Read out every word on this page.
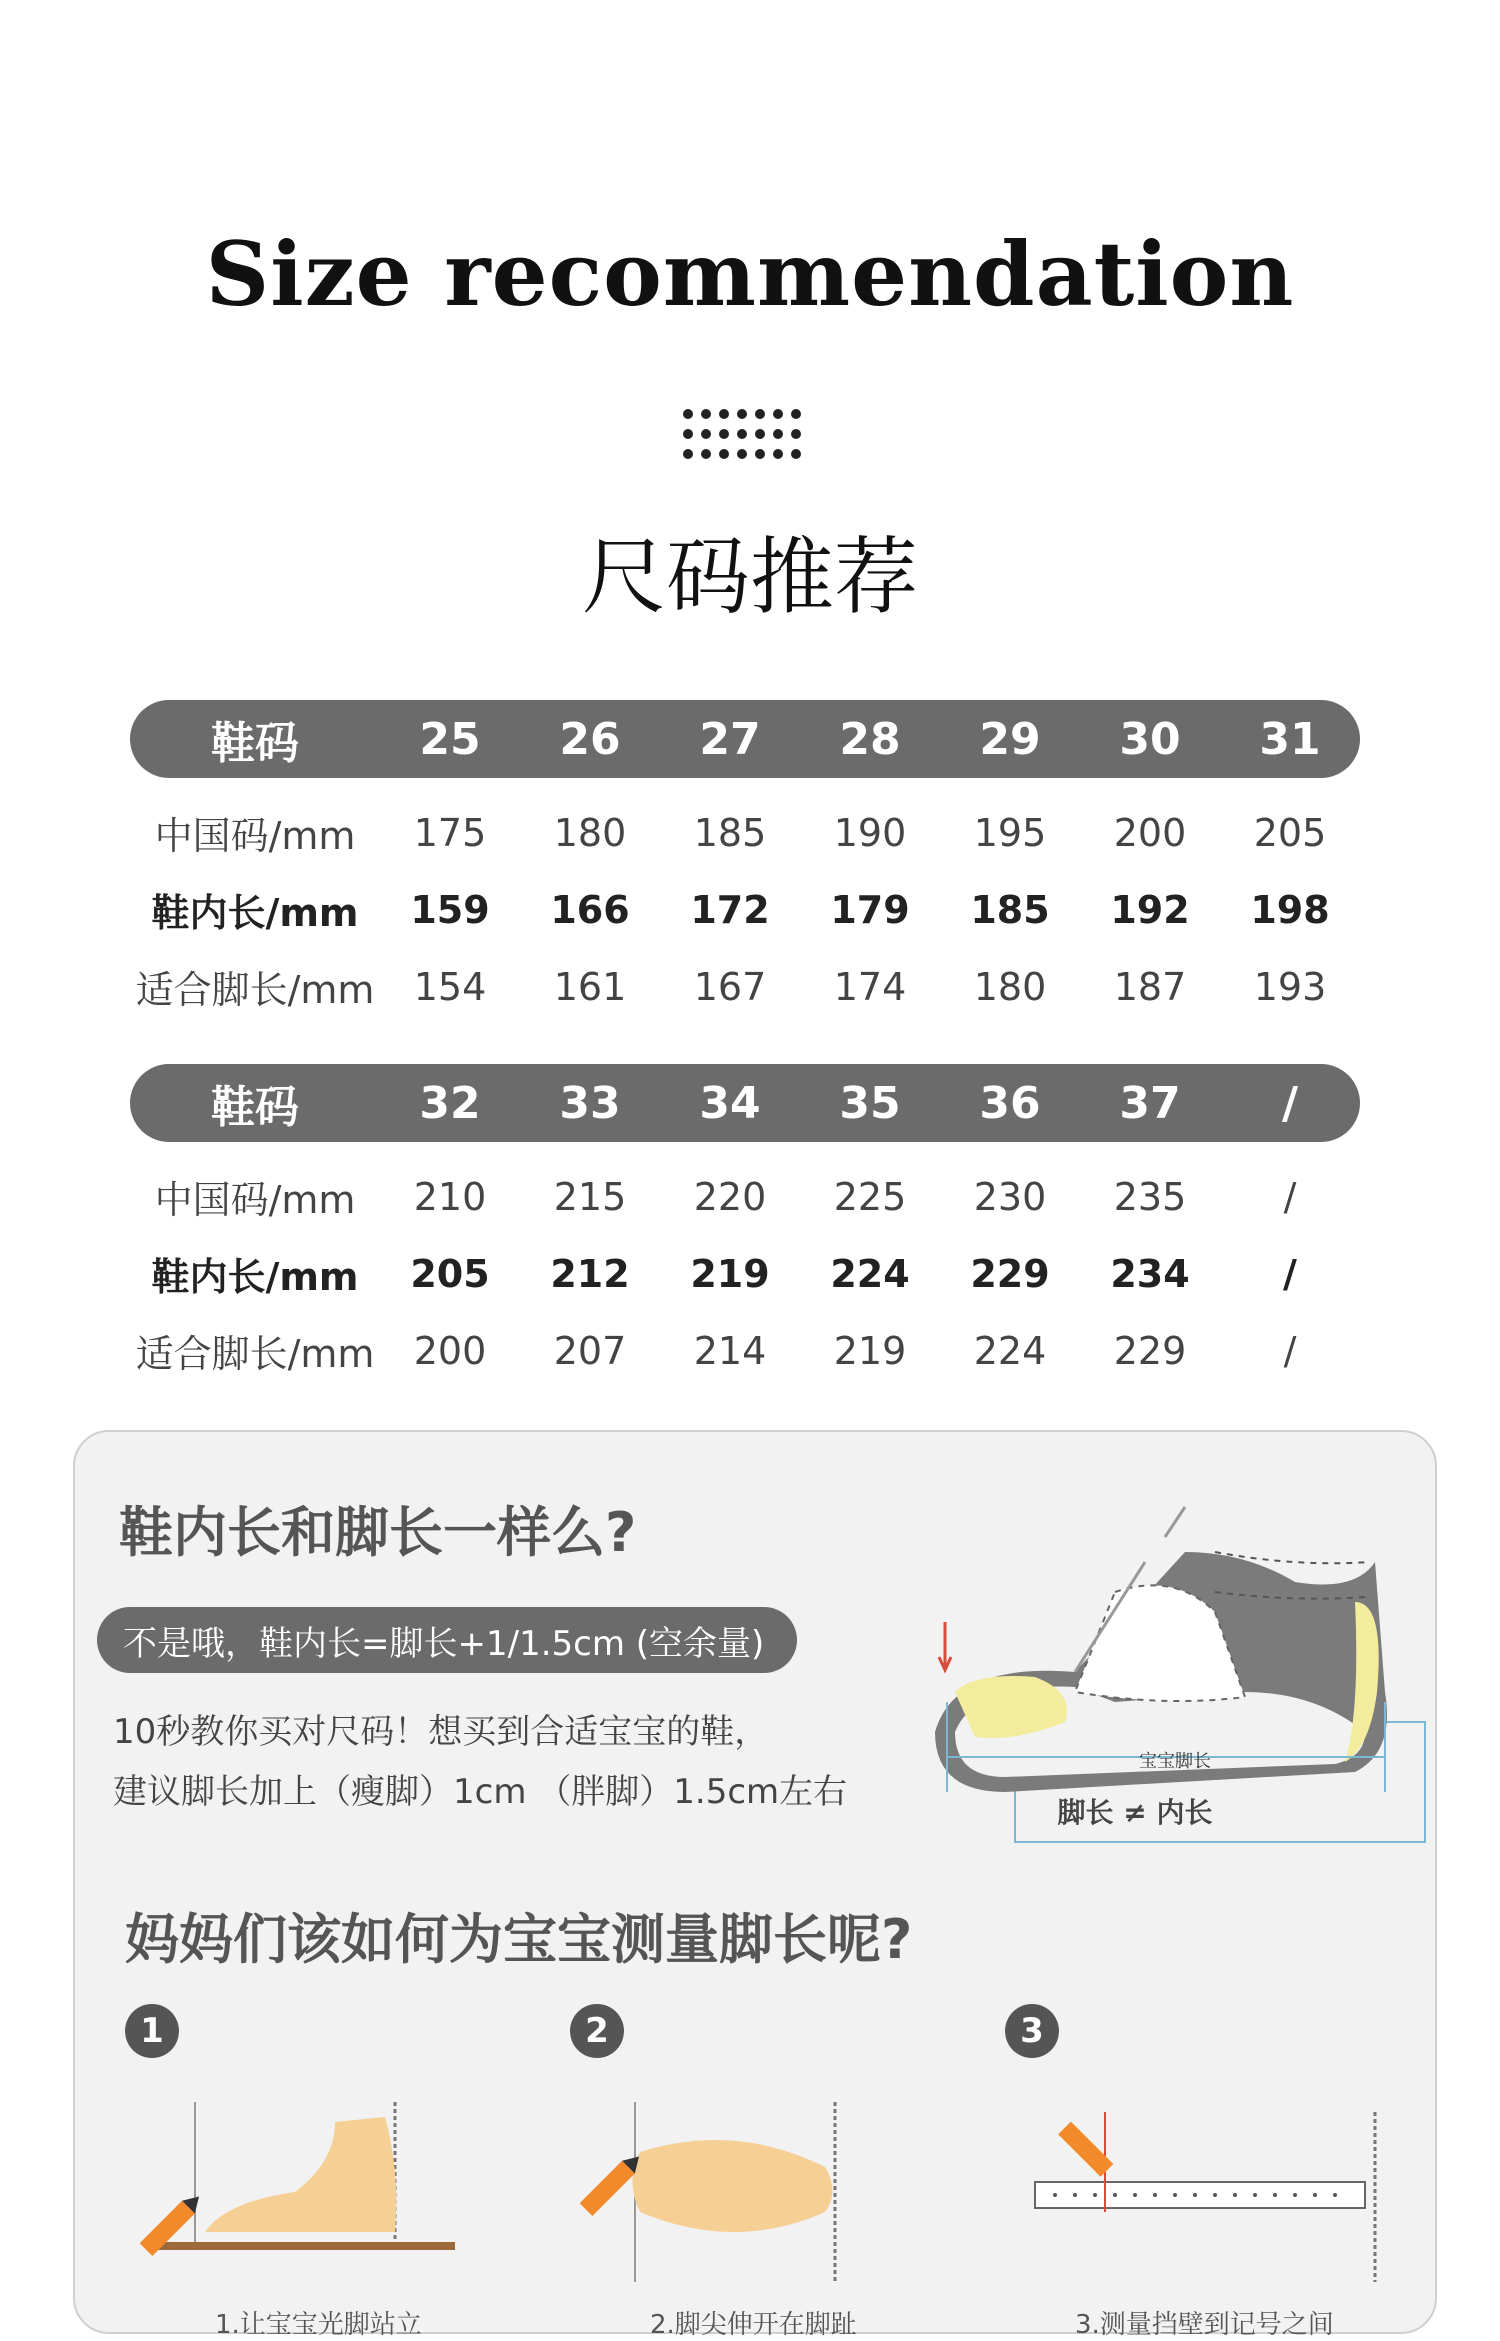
Size recommendation
尺码推荐
鞋码	25	26	27	28	29	30	31
中国码/mm	175	180	185	190	195	200	205
鞋内长/mm	159	166	172	179	185	192	198
适合脚长/mm	154	161	167	174	180	187	193
鞋码	32	33	34	35	36	37	/
中国码/mm	210	215	220	225	230	235	/
鞋内长/mm	205	212	219	224	229	234	/
适合脚长/mm	200	207	214	219	224	229	/
鞋内长和脚长一样么?
不是哦，鞋内长=脚长+1/1.5cm (空余量)
10秒教你买对尺码！想买到合适宝宝的鞋，
建议脚长加上（瘦脚）1cm （胖脚）1.5cm左右
宝宝脚长
脚长 ≠ 内长
妈妈们该如何为宝宝测量脚长呢?
1	2	3
1.让宝宝光脚站立	2.脚尖伸开在脚趾	3.测量挡壁到记号之间
